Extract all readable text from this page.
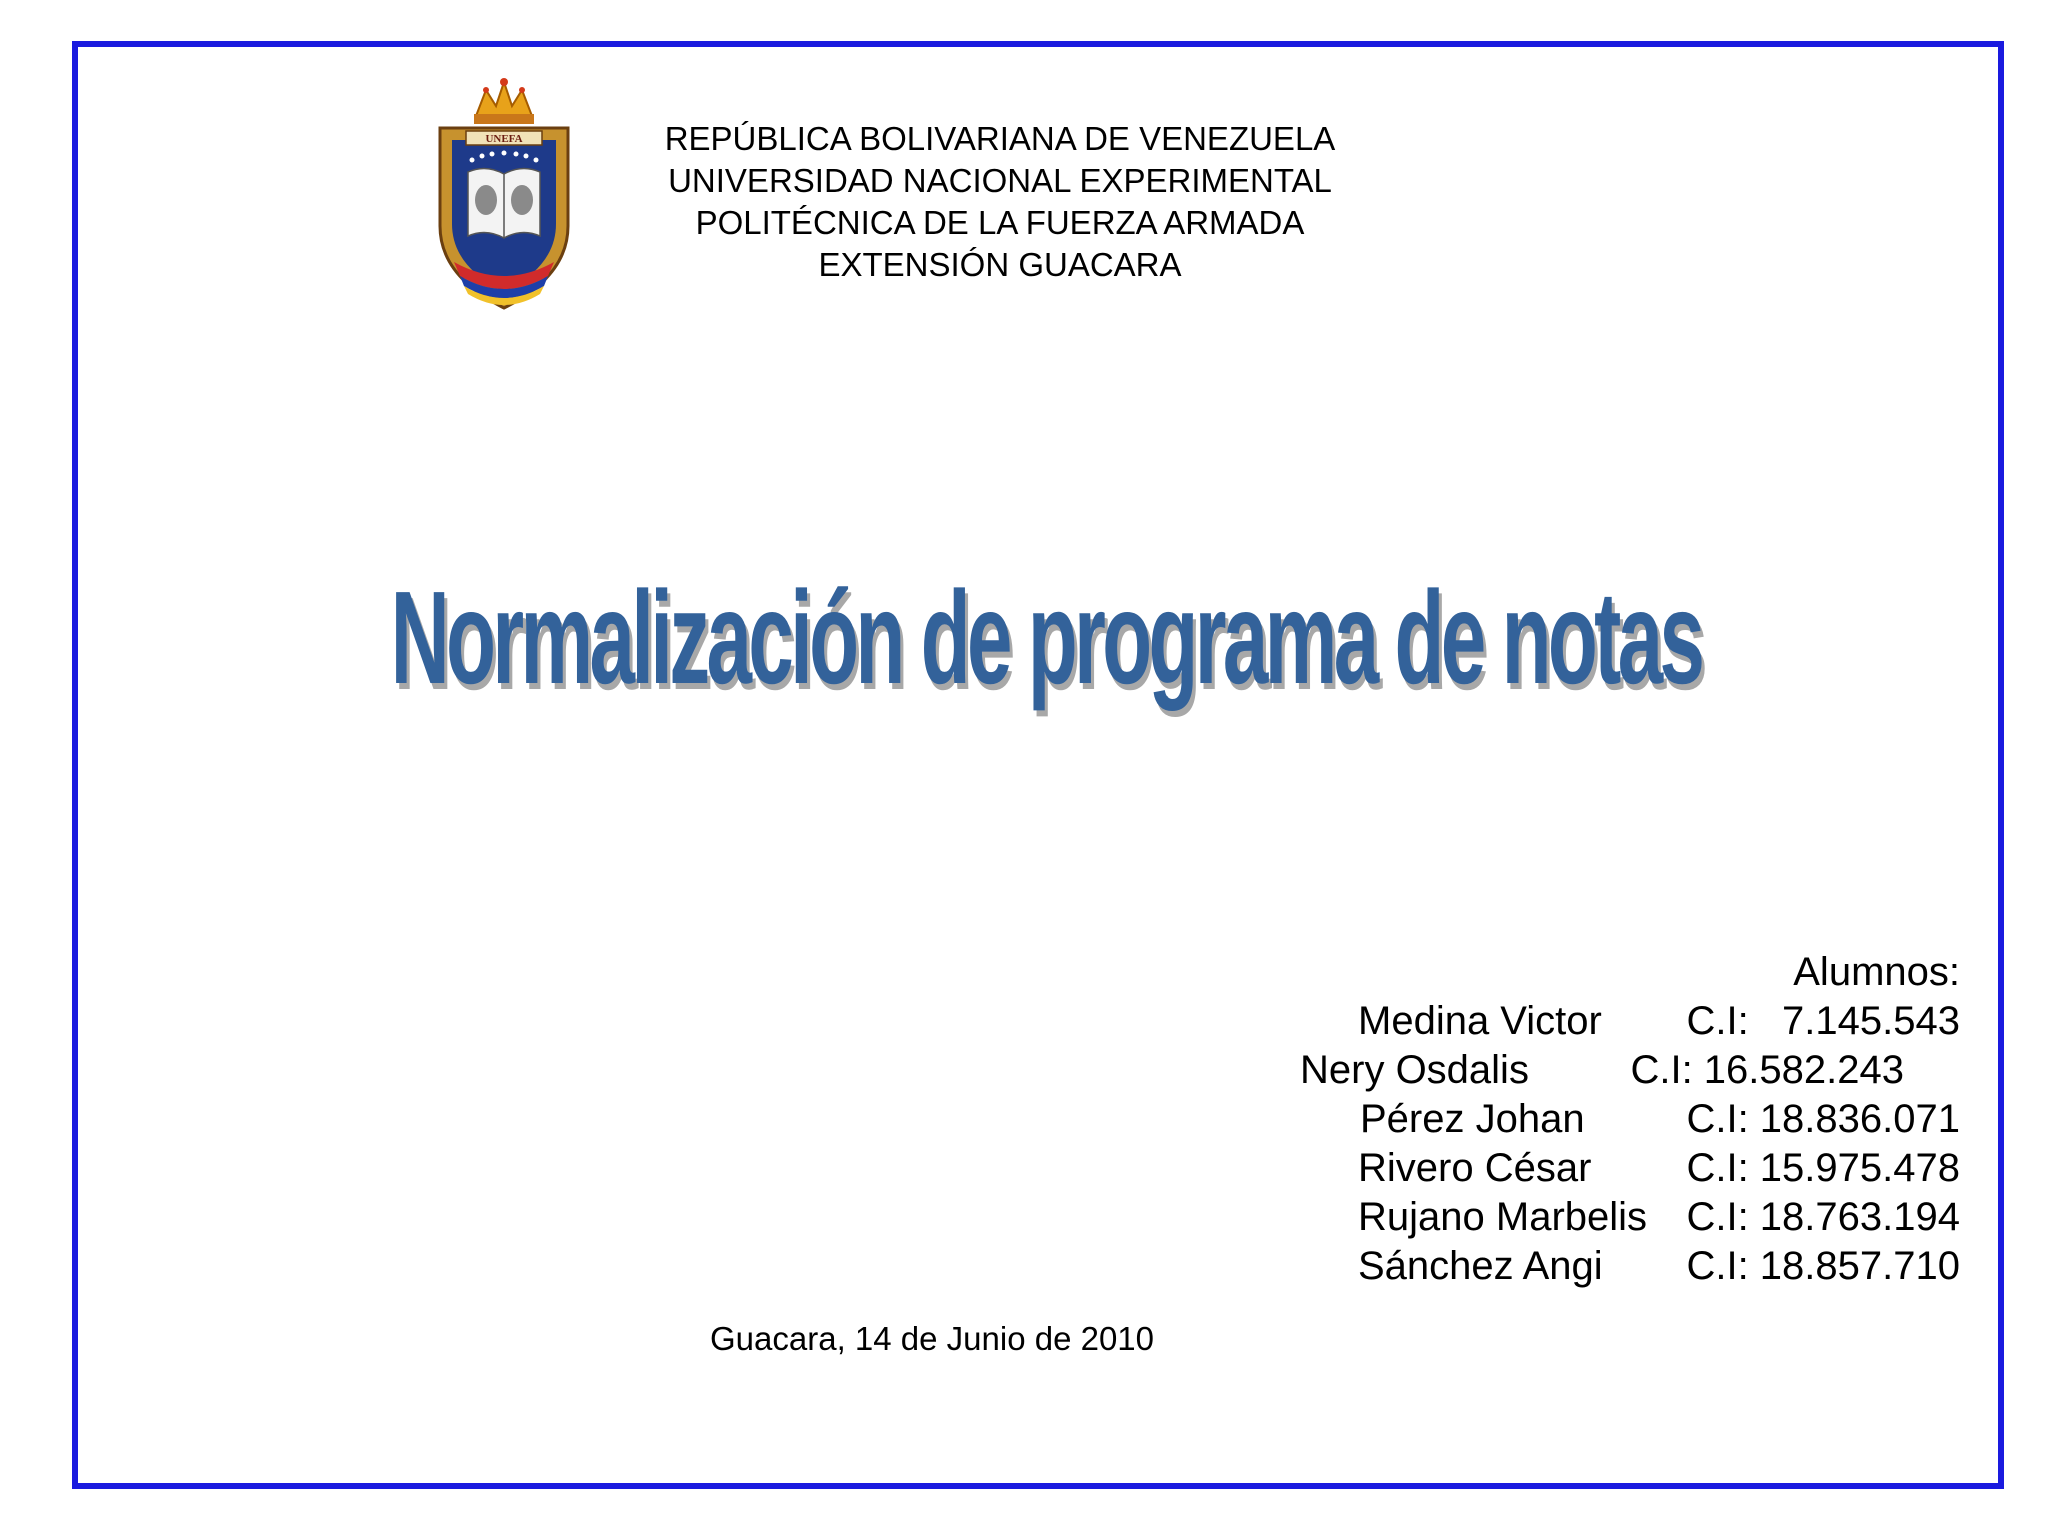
UNEFA	REPÚBLICA BOLIVARIANA DE VENEZUELA
UNIVERSIDAD NACIONAL EXPERIMENTAL
POLITÉCNICA DE LA FUERZA ARMADA
EXTENSIÓN GUACARA
Normalización de programa de notas
Alumnos:
Medina Victor C.I:   7.145.543
Nery Osdalis	C.I: 16.582.243
Pérez Johan	C.I: 18.836.071
Rivero César C.I: 15.975.478
Rujano Marbelis C.I: 18.763.194
Sánchez Angi C.I: 18.857.710
Guacara, 14 de Junio de 2010
